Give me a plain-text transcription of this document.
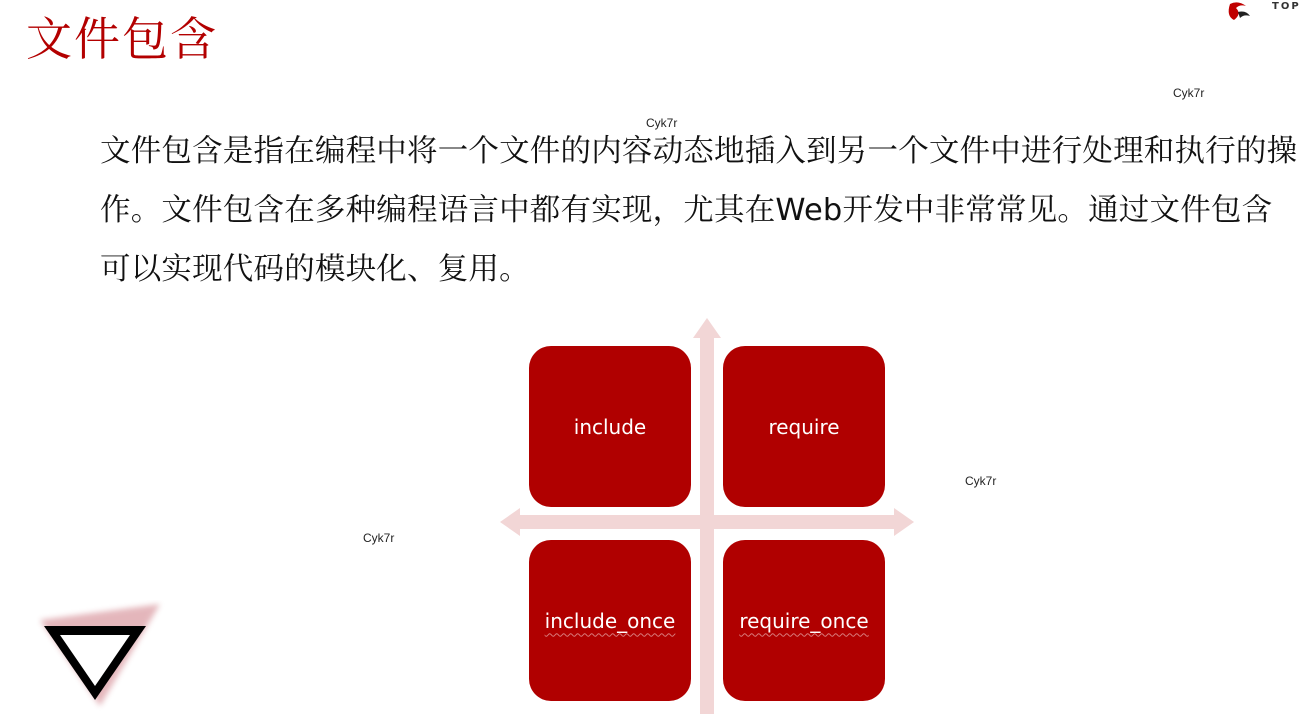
文件包含
TOP
Cyk7r
Cyk7r
Cyk7r
Cyk7r
文件包含是指在编程中将一个文件的内容动态地插入到另一个文件中进行处理和执行的操作。文件包含在多种编程语言中都有实现，尤其在Web开发中非常常见。通过文件包含可以实现代码的模块化、复用。
include	require
include_once	require_once
